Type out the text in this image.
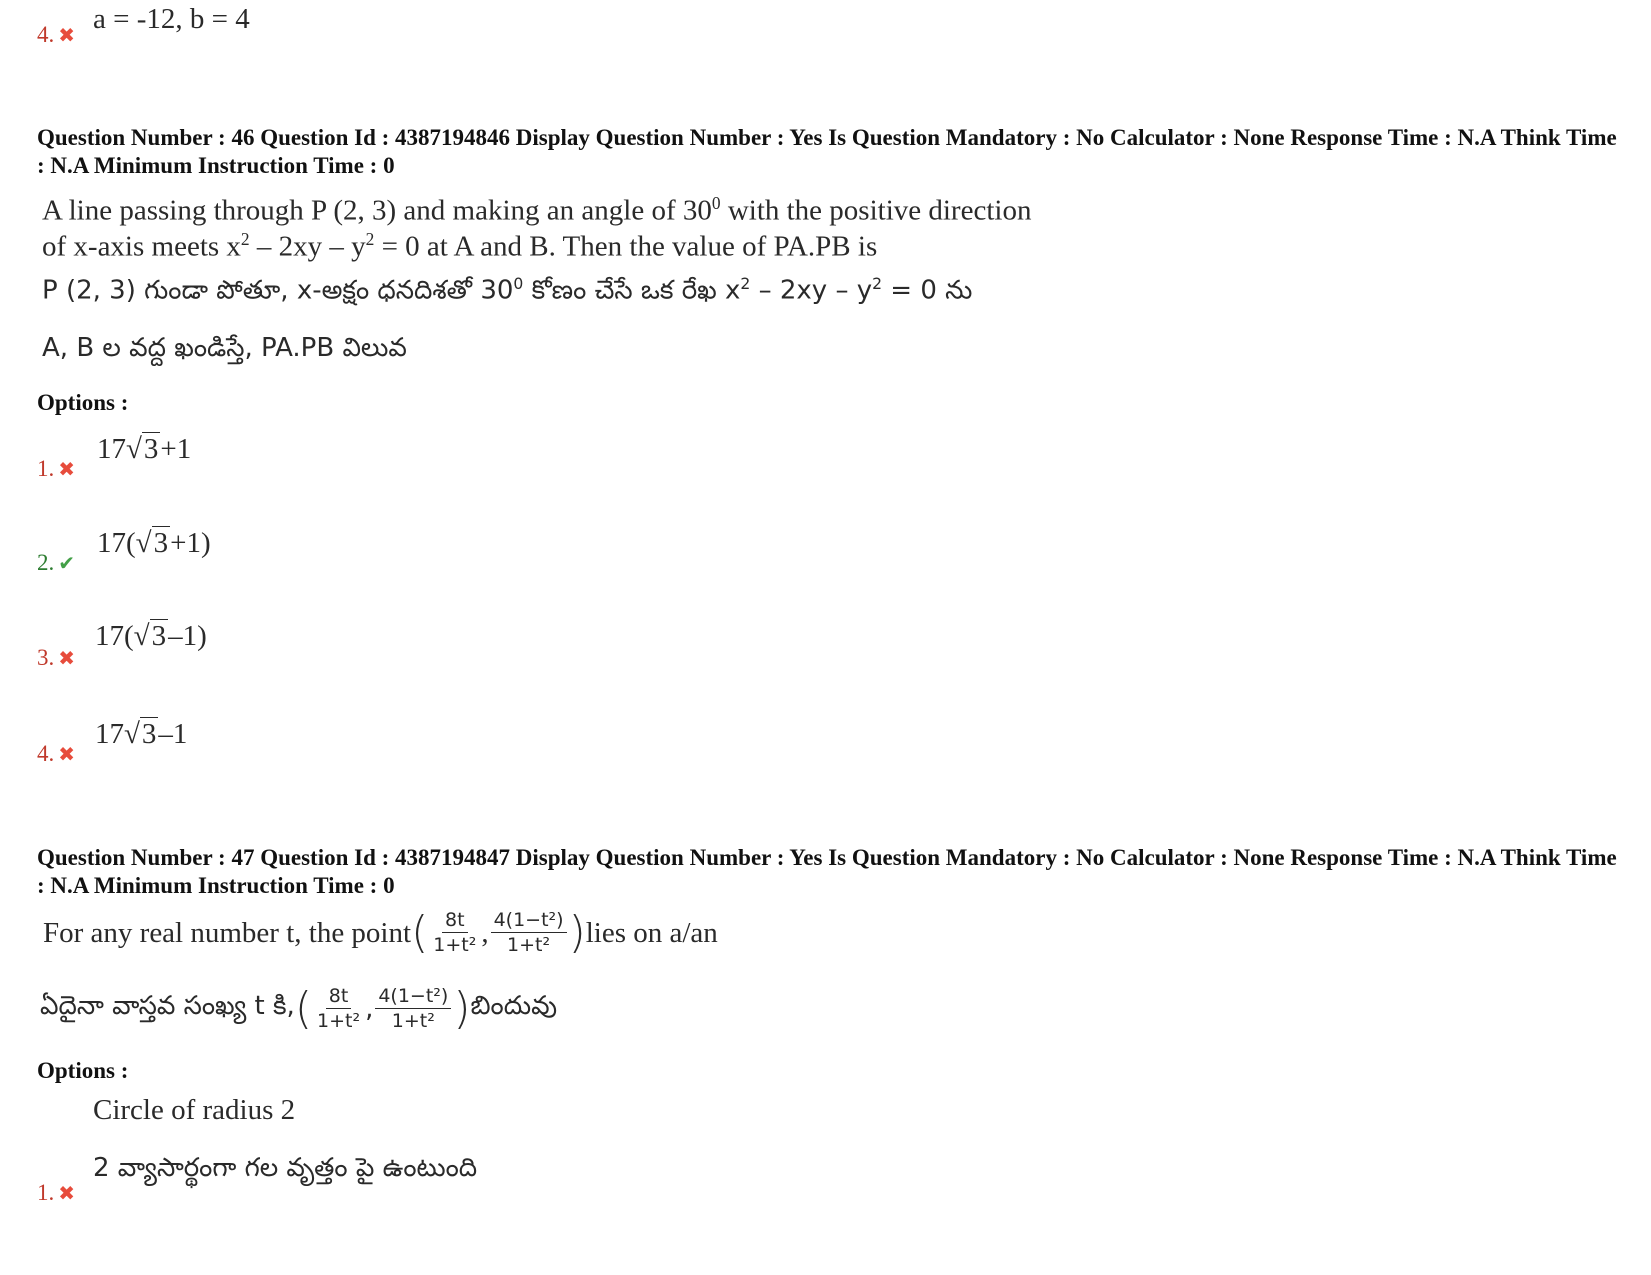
4. ✖ a = -12, b = 4
Question Number : 46 Question Id : 4387194846 Display Question Number : Yes Is Question Mandatory : No Calculator : None Response Time : N.A Think Time : N.A Minimum Instruction Time : 0
A line passing through P (2, 3) and making an angle of $30^0$ with the positive direction
of x-axis meets $x^2 - 2xy - y^2 = 0$ at A and B. Then the value of PA.PB is
P (2, 3) గుండా పోతూ, x-అక్షం ధనదిశతో $30^0$ కోణం చేసే ఒక రేఖ $x^2 - 2xy - y^2 = 0$ ను
A, B ల వద్ద ఖండిస్తే, PA.PB విలువ
Options :
1. ✖
17√3+1
2. ✔
17(√3+1)
3. ✖
17(√3–1)
4. ✖
17√3–1
Question Number : 47 Question Id : 4387194847 Display Question Number : Yes Is Question Mandatory : No Calculator : None Response Time : N.A Think Time : N.A Minimum Instruction Time : 0
For any real number t, the point ( $\frac{8t}{\text{1+t²}}$ , $\frac{\text{4(1−t²)}}{\text{1+t²}}$ ) lies on a/an
ఏదైనా వాస్తవ సంఖ్య t కి, ( $\frac{8t}{\text{1+t²}}$ , $\frac{\text{4(1−t²)}}{\text{1+t²}}$ ) బిందువు
Options :
Circle of radius 2
2 వ్యాసార్థంగా గల వృత్తం పై ఉంటుంది
1. ✖
